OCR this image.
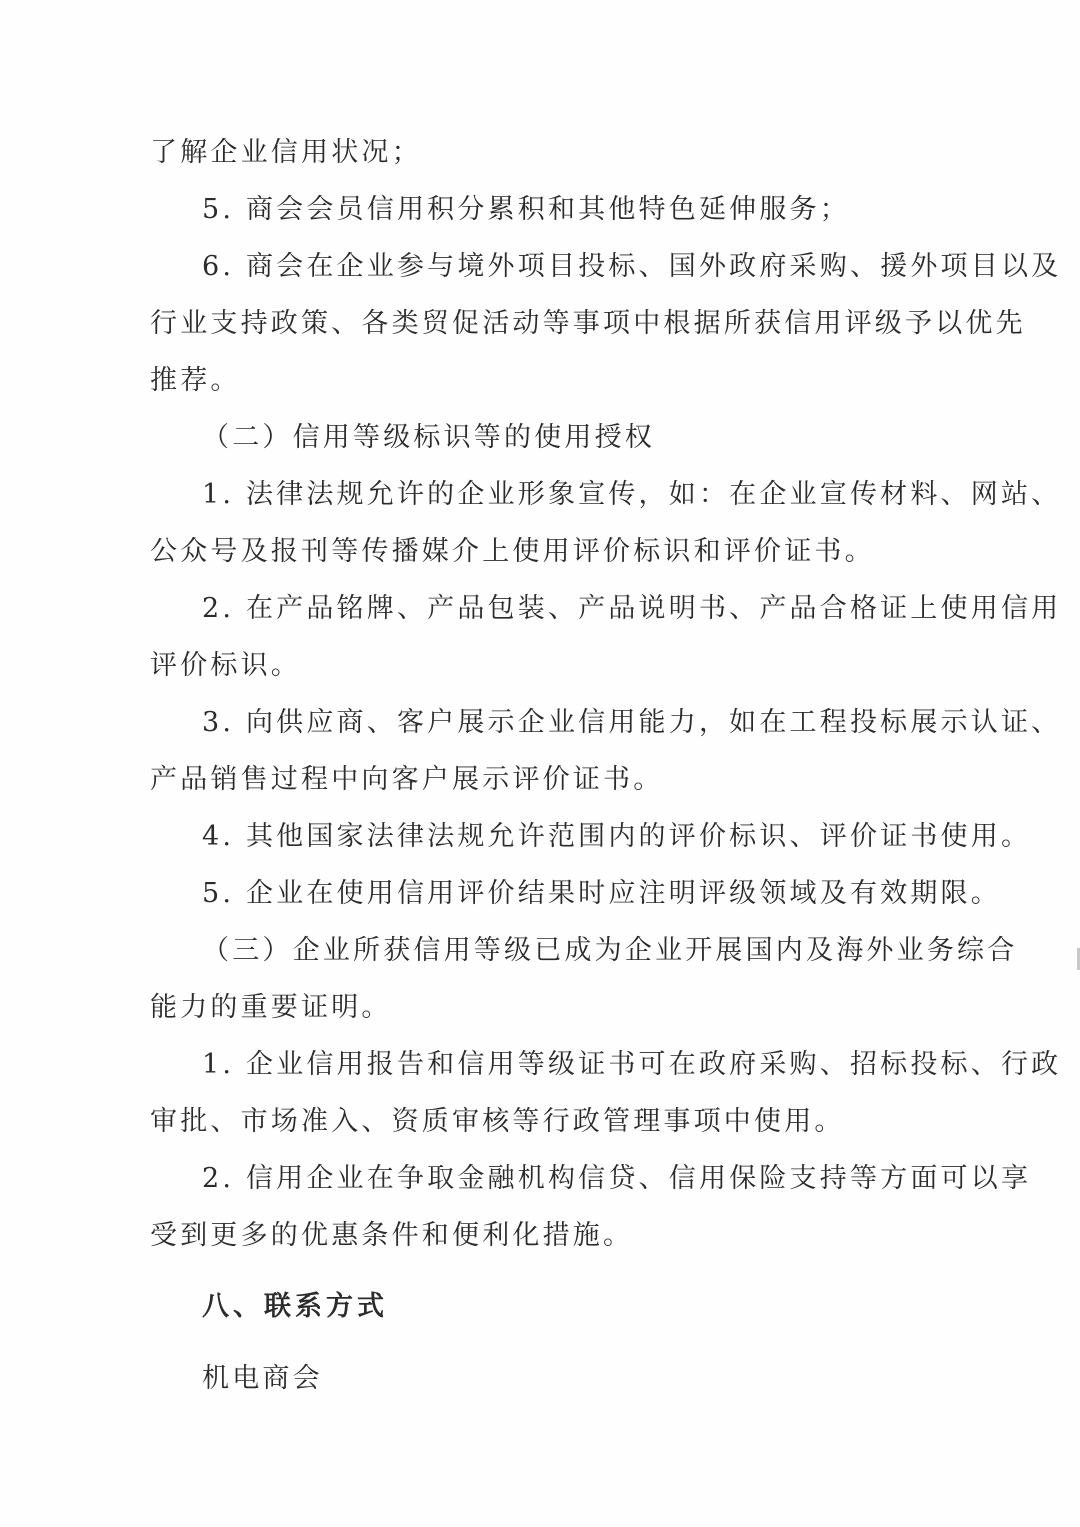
了解企业信用状况；
5. 商会会员信用积分累积和其他特色延伸服务；
6. 商会在企业参与境外项目投标、国外政府采购、援外项目以及
行业支持政策、各类贸促活动等事项中根据所获信用评级予以优先
推荐。
（二）信用等级标识等的使用授权
1. 法律法规允许的企业形象宣传，如：在企业宣传材料、网站、
公众号及报刊等传播媒介上使用评价标识和评价证书。
2. 在产品铭牌、产品包装、产品说明书、产品合格证上使用信用
评价标识。
3. 向供应商、客户展示企业信用能力，如在工程投标展示认证、
产品销售过程中向客户展示评价证书。
4. 其他国家法律法规允许范围内的评价标识、评价证书使用。
5. 企业在使用信用评价结果时应注明评级领域及有效期限。
（三）企业所获信用等级已成为企业开展国内及海外业务综合
能力的重要证明。
1. 企业信用报告和信用等级证书可在政府采购、招标投标、行政
审批、市场准入、资质审核等行政管理事项中使用。
2. 信用企业在争取金融机构信贷、信用保险支持等方面可以享
受到更多的优惠条件和便利化措施。
八、联系方式
机电商会
